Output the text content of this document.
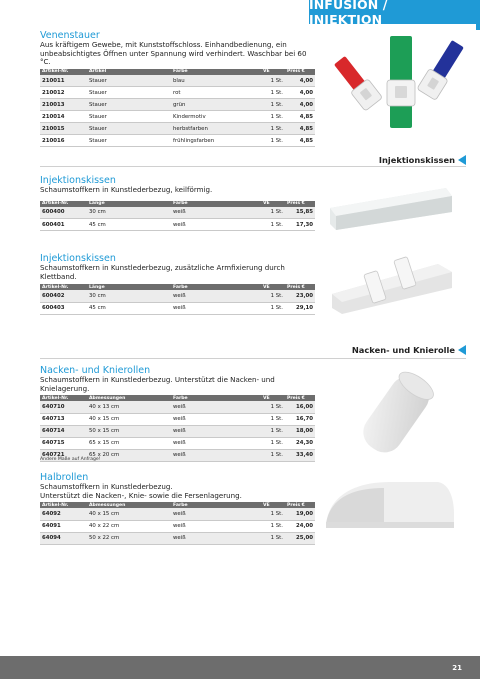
INFUSION / INJEKTION
Venenstauer
Aus kräftigem Gewebe, mit Kunststoffschloss. Einhandbedienung, ein unbeabsichtigtes Öffnen unter Spannung wird verhindert. Waschbar bei 60 °C.
Artikel-Nr.	Artikel	Farbe	VE	Preis €
210011	Stauer	blau	1 St.	4,00
210012	Stauer	rot	1 St.	4,00
210013	Stauer	grün	1 St.	4,00
210014	Stauer	Kindermotiv	1 St.	4,85
210015	Stauer	herbstfarben	1 St.	4,85
210016	Stauer	frühlingsfarben	1 St.	4,85
Injektionskissen
Injektionskissen
Schaumstoffkern in Kunstlederbezug, keilförmig.
Artikel-Nr.	Länge	Farbe	VE	Preis €
600400	30 cm	weiß	1 St.	15,85
600401	45 cm	weiß	1 St.	17,30
Injektionskissen
Schaumstoffkern in Kunstlederbezug, zusätzliche Armfixierung durch Klettband.
Artikel-Nr.	Länge	Farbe	VE	Preis €
600402	30 cm	weiß	1 St.	23,00
600403	45 cm	weiß	1 St.	29,10
Nacken- und Knierolle
Nacken- und Knierollen
Schaumstoffkern in Kunstlederbezug. Unterstützt die Nacken- und Knielagerung.
Artikel-Nr.	Abmessungen	Farbe	VE	Preis €
640710	40 x 13 cm	weiß	1 St.	16,00
640713	40 x 15 cm	weiß	1 St.	16,70
640714	50 x 15 cm	weiß	1 St.	18,00
640715	65 x 15 cm	weiß	1 St.	24,30
640721	65 x 20 cm	weiß	1 St.	33,40
Andere Maße auf Anfrage!
Halbrollen
Schaumstoffkern in Kunstlederbezug.
Unterstützt die Nacken-, Knie- sowie die Fersenlagerung.
Artikel-Nr.	Abmessungen	Farbe	VE	Preis €
64092	40 x 15 cm	weiß	1 St.	19,00
64091	40 x 22 cm	weiß	1 St.	24,00
64094	50 x 22 cm	weiß	1 St.	25,00
21
